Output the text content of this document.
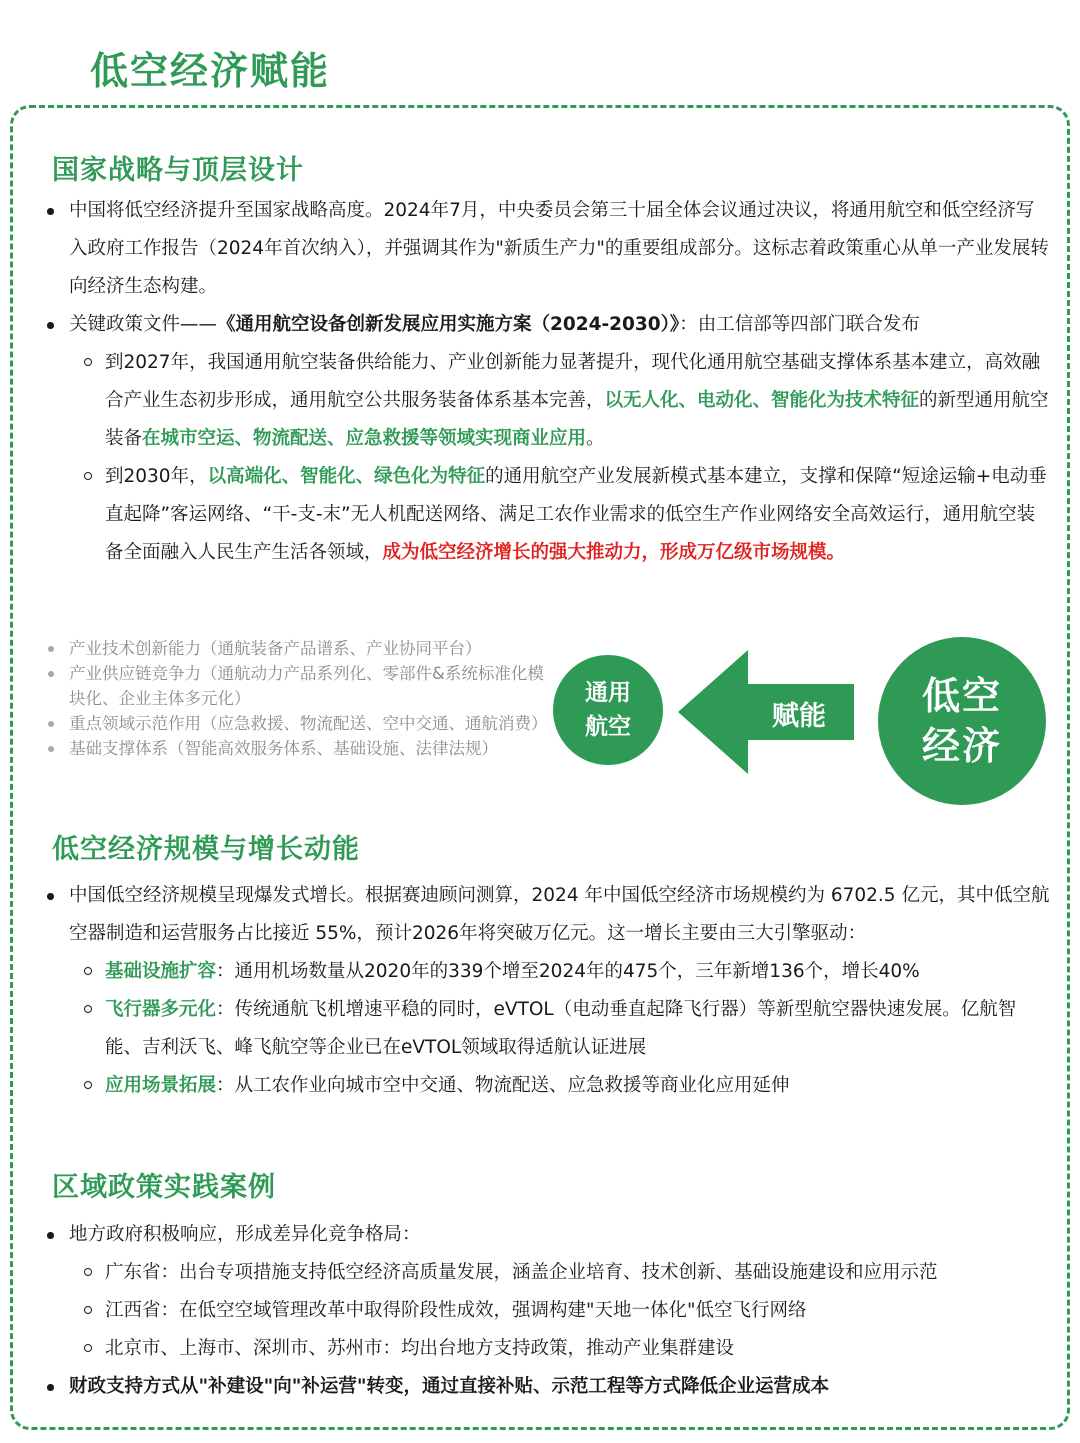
低空经济赋能
国家战略与顶层设计
中国将低空经济提升至国家战略高度。2024年7月，中央委员会第三十届全体会议通过决议，将通用航空和低空经济写入政府工作报告（2024年首次纳入），并强调其作为"新质生产力"的重要组成部分。这标志着政策重心从单一产业发展转向经济生态构建。
关键政策文件——《通用航空设备创新发展应用实施方案（2024-2030）》：由工信部等四部门联合发布
到2027年，我国通用航空装备供给能力、产业创新能力显著提升，现代化通用航空基础支撑体系基本建立，高效融合产业生态初步形成，通用航空公共服务装备体系基本完善，以无人化、电动化、智能化为技术特征的新型通用航空装备在城市空运、物流配送、应急救援等领域实现商业应用。
到2030年，以高端化、智能化、绿色化为特征的通用航空产业发展新模式基本建立，支撑和保障“短途运输+电动垂直起降”客运网络、“干-支-末”无人机配送网络、满足工农作业需求的低空生产作业网络安全高效运行，通用航空装备全面融入人民生产生活各领域，成为低空经济增长的强大推动力，形成万亿级市场规模。
产业技术创新能力（通航装备产品谱系、产业协同平台）
产业供应链竞争力（通航动力产品系列化、零部件&系统标准化模块化、企业主体多元化）
重点领域示范作用（应急救援、物流配送、空中交通、通航消费）
基础支撑体系（智能高效服务体系、基础设施、法律法规）
通用
航空	赋能	低空
经济
低空经济规模与增长动能
中国低空经济规模呈现爆发式增长。根据赛迪顾问测算，2024 年中国低空经济市场规模约为 6702.5 亿元，其中低空航空器制造和运营服务占比接近 55%，预计2026年将突破万亿元。这一增长主要由三大引擎驱动：
基础设施扩容：通用机场数量从2020年的339个增至2024年的475个，三年新增136个，增长40%
飞行器多元化：传统通航飞机增速平稳的同时，eVTOL（电动垂直起降飞行器）等新型航空器快速发展。亿航智能、吉利沃飞、峰飞航空等企业已在eVTOL领域取得适航认证进展
应用场景拓展：从工农作业向城市空中交通、物流配送、应急救援等商业化应用延伸
区域政策实践案例
地方政府积极响应，形成差异化竞争格局：
广东省：出台专项措施支持低空经济高质量发展，涵盖企业培育、技术创新、基础设施建设和应用示范
江西省：在低空空域管理改革中取得阶段性成效，强调构建"天地一体化"低空飞行网络
北京市、上海市、深圳市、苏州市：均出台地方支持政策，推动产业集群建设
财政支持方式从"补建设"向"补运营"转变，通过直接补贴、示范工程等方式降低企业运营成本
